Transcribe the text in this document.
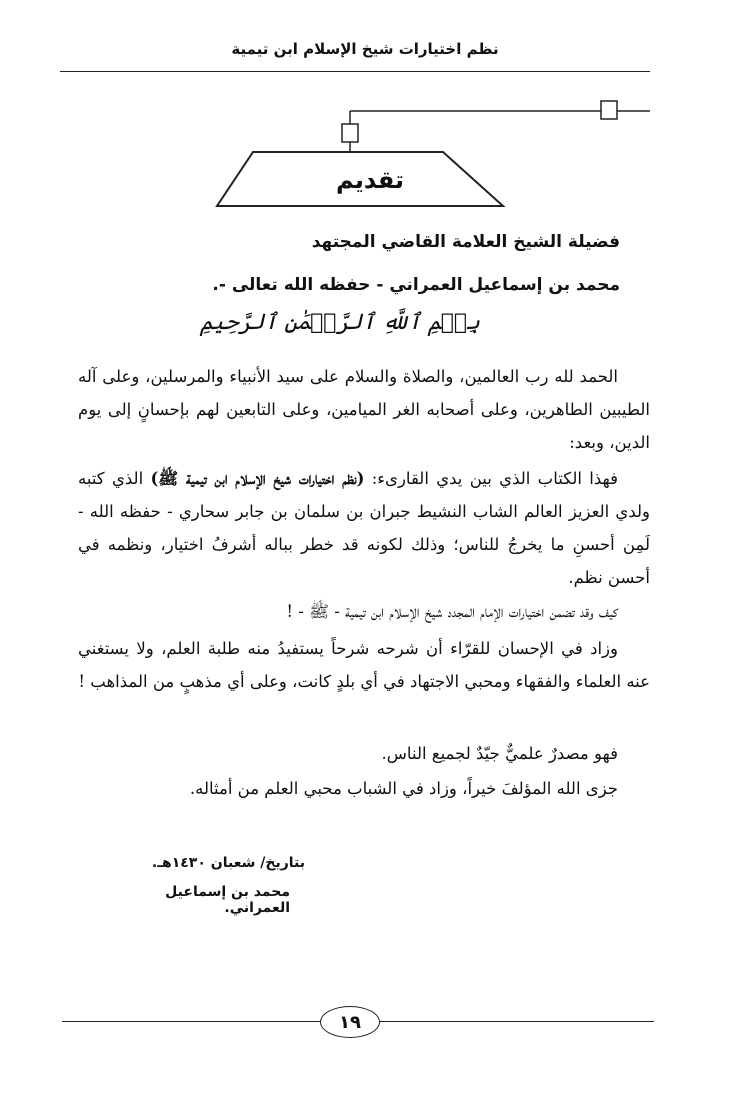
نظم اختيارات شيخ الإسلام ابن تيمية
تقديم
فضيلة الشيخ العلامة القاضي المجتهد
محمد بن إسماعيل العمراني - حفظه الله تعالى -.
بِسۡمِ ٱللَّهِ ٱلرَّحۡمَٰنِ ٱلرَّحِيمِ

الحمد لله رب العالمين، والصلاة والسلام على سيد الأنبياء والمرسلين، وعلى آله الطيبين الطاهرين، وعلى أصحابه الغر الميامين، وعلى التابعين لهم بإحسانٍ إلى يوم الدين، وبعد:

فهذا الكتاب الذي بين يدي القارىء: (نظم اختيارات شيخ الإسلام ابن تيمية ﷺ) الذي كتبه ولدي العزيز العالم الشاب النشيط جبران بن سلمان بن جابر سحاري - حفظه الله - لَمِن أحسنِ ما يخرجُ للناس؛ وذلك لكونه قد خطر بباله أشرفُ اختيار، ونظمه في أحسن نظم.

كيف وقد تضمن اختيارات الإمام المجدد شيخ الإسلام ابن تيمية - ﷺ - !

وزاد في الإحسان للقرّاء أن شرحه شرحاً يستفيدُ منه طلبة العلم، ولا يستغني عنه العلماء والفقهاء ومحبي الاجتهاد في أي بلدٍ كانت، وعلى أي مذهبٍ من المذاهب !

فهو مصدرٌ علميٌّ جيّدٌ لجميع الناس.

جزى الله المؤلفَ خيراً، وزاد في الشباب محبي العلم من أمثاله.

بتاريخ/ شعبان ١٤٣٠هـ.
محمد بن إسماعيل العمراني.
١٩
